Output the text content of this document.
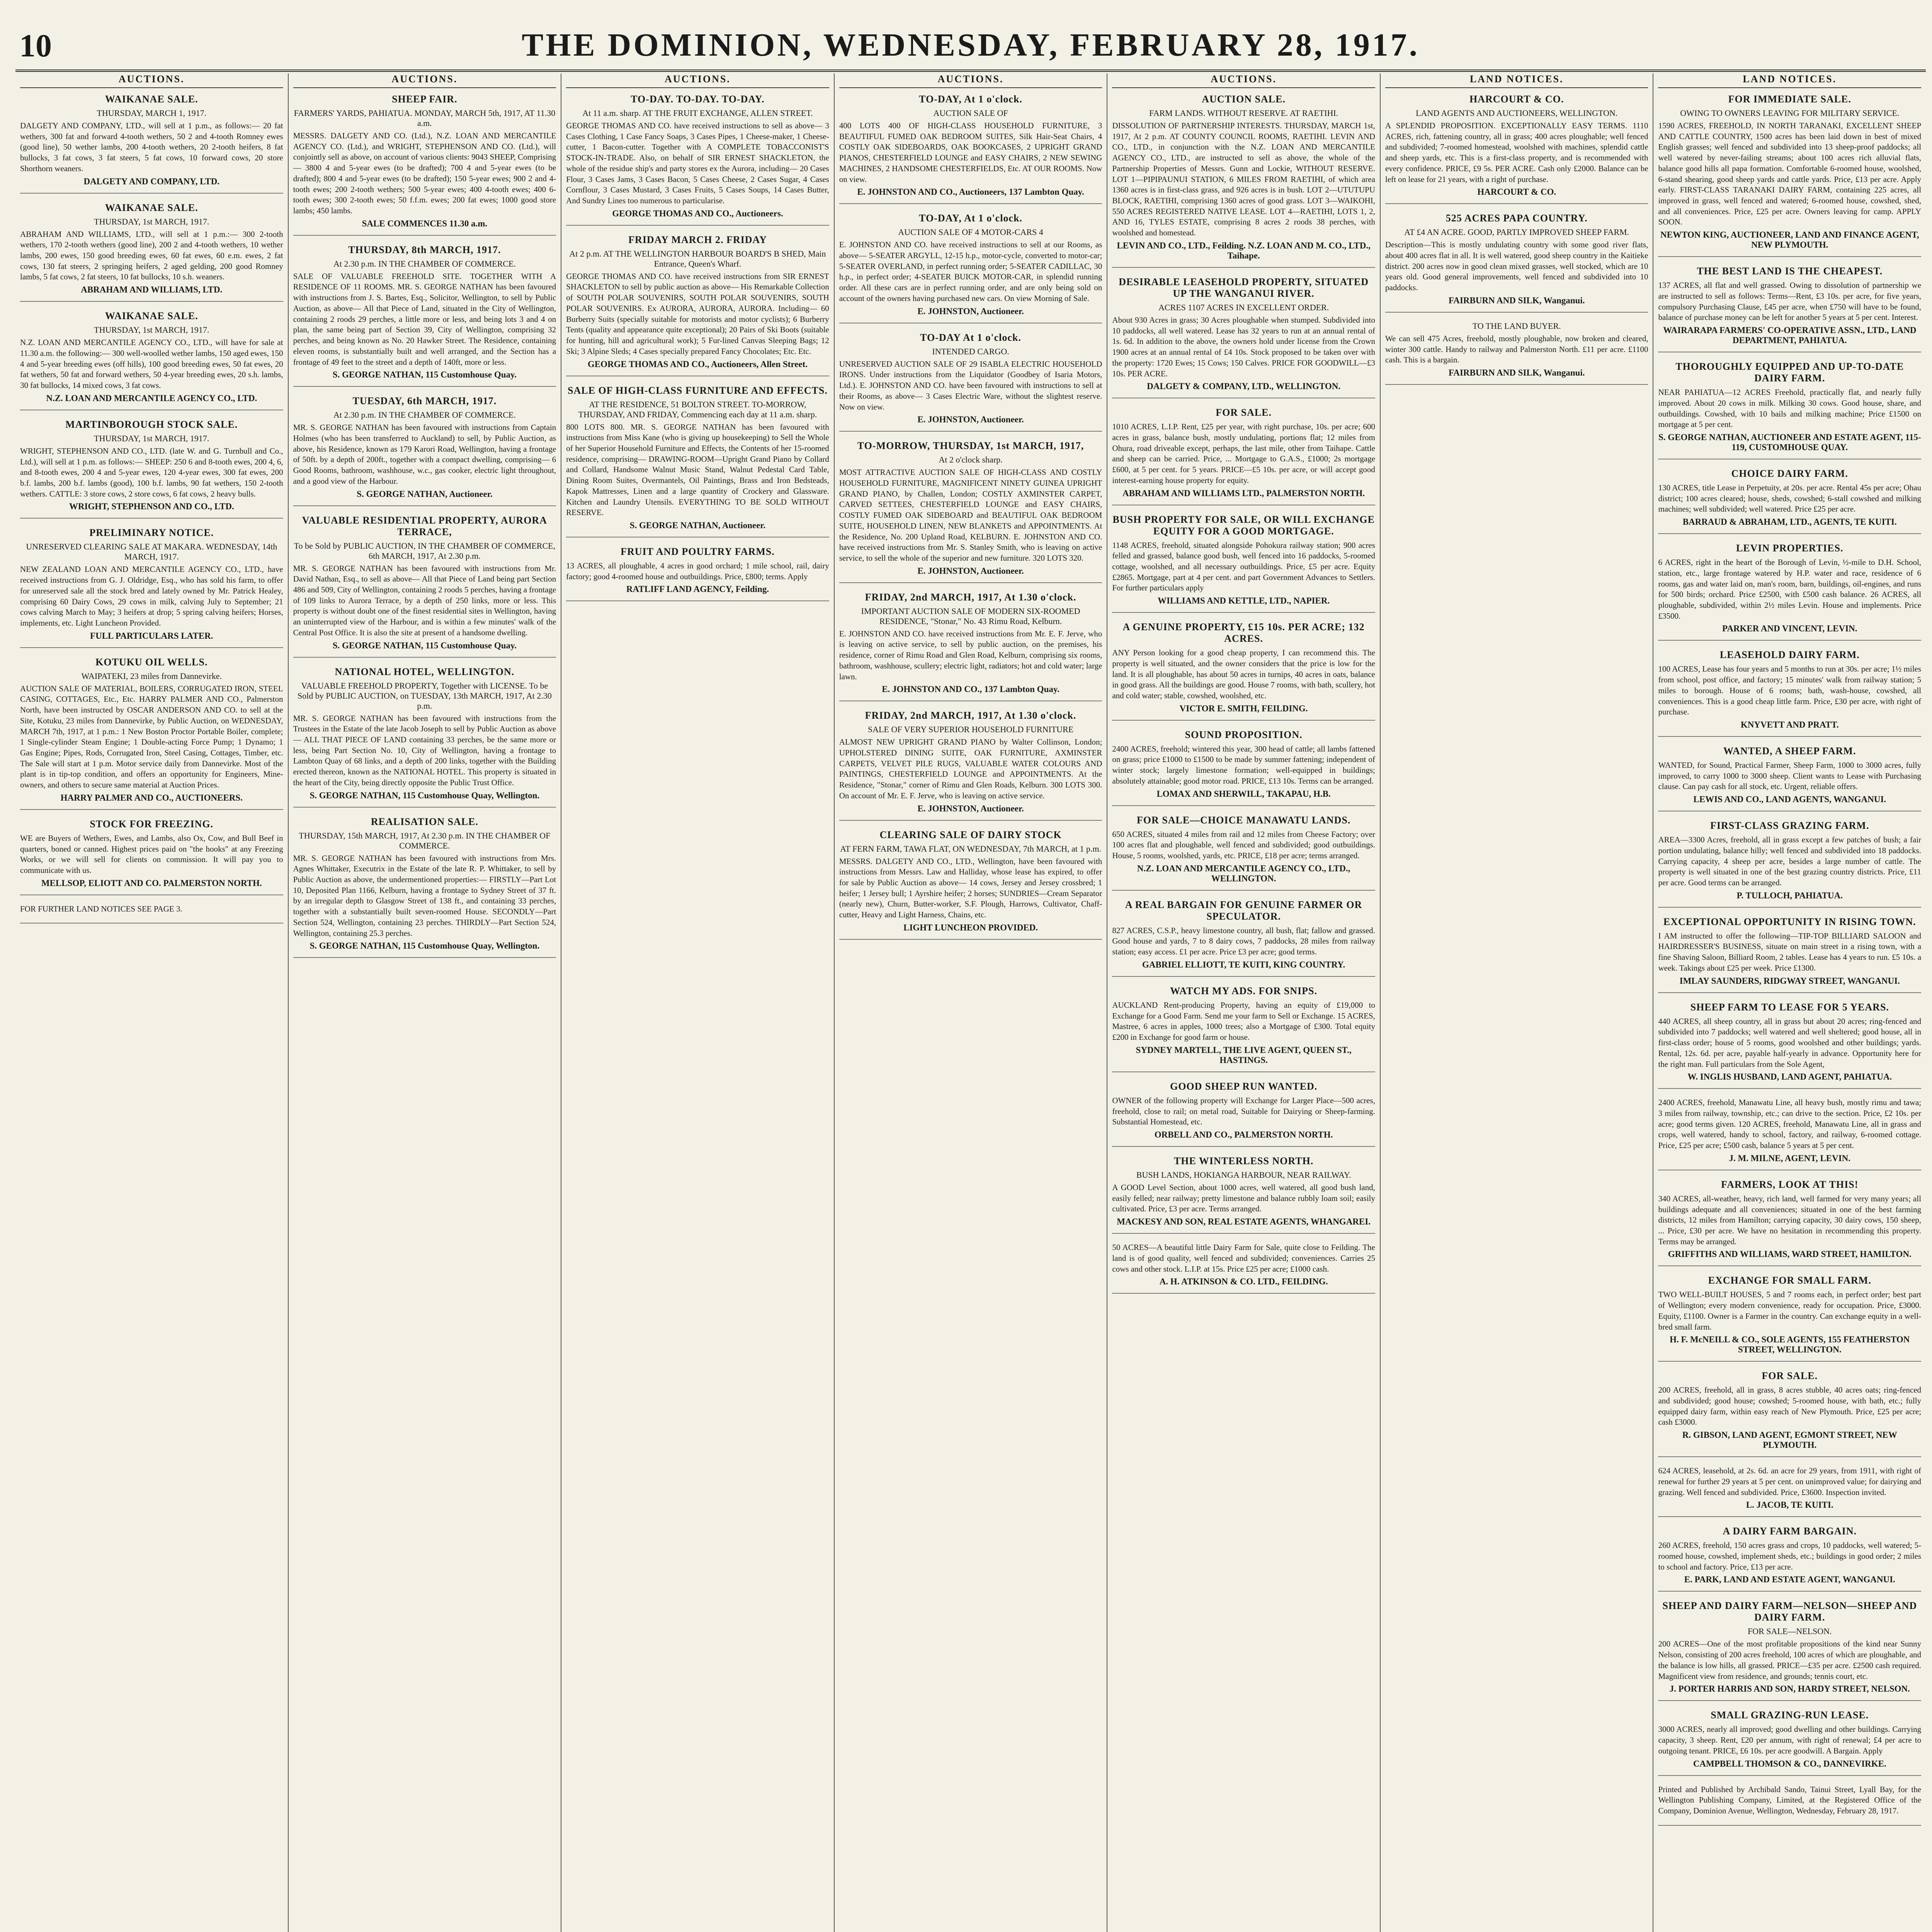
10	THE DOMINION, WEDNESDAY, FEBRUARY 28, 1917.
AUCTIONS.
WAIKANAE SALE.
THURSDAY, MARCH 1, 1917.

DALGETY AND COMPANY, LTD., will sell at 1 p.m., as follows:— 20 fat wethers, 300 fat and forward 4-tooth wethers, 50 2 and 4-tooth Romney ewes (good line), 50 wether lambs, 200 4-tooth wethers, 20 2-tooth heifers, 8 fat bullocks, 3 fat cows, 3 fat steers, 5 fat cows, 10 forward cows, 20 store Shorthorn weaners.

DALGETY AND COMPANY, LTD.
WAIKANAE SALE.
THURSDAY, 1st MARCH, 1917.

ABRAHAM AND WILLIAMS, LTD., will sell at 1 p.m.:— 300 2-tooth wethers, 170 2-tooth wethers (good line), 200 2 and 4-tooth wethers, 10 wether lambs, 200 ewes, 150 good breeding ewes, 60 fat ewes, 60 e.m. ewes, 2 fat cows, 130 fat steers, 2 springing heifers, 2 aged gelding, 200 good Romney lambs, 5 fat cows, 2 fat steers, 10 fat bullocks, 10 s.h. weaners.

ABRAHAM AND WILLIAMS, LTD.
WAIKANAE SALE.
THURSDAY, 1st MARCH, 1917.

N.Z. LOAN AND MERCANTILE AGENCY CO., LTD., will have for sale at 11.30 a.m. the following:— 300 well-woolled wether lambs, 150 aged ewes, 150 4 and 5-year breeding ewes (off hills), 100 good breeding ewes, 50 fat ewes, 20 fat wethers, 50 fat and forward wethers, 50 4-year breeding ewes, 20 s.h. lambs, 30 fat bullocks, 14 mixed cows, 3 fat cows.

N.Z. LOAN AND MERCANTILE AGENCY CO., LTD.
MARTINBOROUGH STOCK SALE.
THURSDAY, 1st MARCH, 1917.

WRIGHT, STEPHENSON AND CO., LTD. (late W. and G. Turnbull and Co., Ltd.), will sell at 1 p.m. as follows:— SHEEP: 250 6 and 8-tooth ewes, 200 4, 6, and 8-tooth ewes, 200 4 and 5-year ewes, 120 4-year ewes, 300 fat ewes, 200 b.f. lambs, 200 b.f. lambs (good), 100 b.f. lambs, 90 fat wethers, 150 2-tooth wethers. CATTLE: 3 store cows, 2 store cows, 6 fat cows, 2 heavy bulls.

WRIGHT, STEPHENSON AND CO., LTD.
PRELIMINARY NOTICE.
UNRESERVED CLEARING SALE AT MAKARA. WEDNESDAY, 14th MARCH, 1917.

NEW ZEALAND LOAN AND MERCANTILE AGENCY CO., LTD., have received instructions from G. J. Oldridge, Esq., who has sold his farm, to offer for unreserved sale all the stock bred and lately owned by Mr. Patrick Healey, comprising 60 Dairy Cows, 29 cows in milk, calving July to September; 21 cows calving March to May; 3 heifers at drop; 5 spring calving heifers; Horses, implements, etc. Light Luncheon Provided.

FULL PARTICULARS LATER.
KOTUKU OIL WELLS.
WAIPATEKI, 23 miles from Dannevirke.

AUCTION SALE OF MATERIAL, BOILERS, CORRUGATED IRON, STEEL CASING, COTTAGES, Etc., Etc. HARRY PALMER AND CO., Palmerston North, have been instructed by OSCAR ANDERSON AND CO. to sell at the Site, Kotuku, 23 miles from Dannevirke, by Public Auction, on WEDNESDAY, MARCH 7th, 1917, at 1 p.m.: 1 New Boston Proctor Portable Boiler, complete; 1 Single-cylinder Steam Engine; 1 Double-acting Force Pump; 1 Dynamo; 1 Gas Engine; Pipes, Rods, Corrugated Iron, Steel Casing, Cottages, Timber, etc. The Sale will start at 1 p.m. Motor service daily from Dannevirke. Most of the plant is in tip-top condition, and offers an opportunity for Engineers, Mine-owners, and others to secure same material at Auction Prices.

HARRY PALMER AND CO., AUCTIONEERS.
STOCK FOR FREEZING.

WE are Buyers of Wethers, Ewes, and Lambs, also Ox, Cow, and Bull Beef in quarters, boned or canned. Highest prices paid on "the hooks" at any Freezing Works, or we will sell for clients on commission. It will pay you to communicate with us.

MELLSOP, ELIOTT AND CO. PALMERSTON NORTH.

FOR FURTHER LAND NOTICES SEE PAGE 3.

AUCTIONS.
SHEEP FAIR.
FARMERS' YARDS, PAHIATUA. MONDAY, MARCH 5th, 1917, AT 11.30 a.m.

MESSRS. DALGETY AND CO. (Ltd.), N.Z. LOAN AND MERCANTILE AGENCY CO. (Ltd.), and WRIGHT, STEPHENSON AND CO. (Ltd.), will conjointly sell as above, on account of various clients: 9043 SHEEP, Comprising— 3800 4 and 5-year ewes (to be drafted); 700 4 and 5-year ewes (to be drafted); 800 4 and 5-year ewes (to be drafted); 150 5-year ewes; 900 2 and 4-tooth ewes; 200 2-tooth wethers; 500 5-year ewes; 400 4-tooth ewes; 400 6-tooth ewes; 300 2-tooth ewes; 50 f.f.m. ewes; 200 fat ewes; 1000 good store lambs; 450 lambs.

SALE COMMENCES 11.30 a.m.
THURSDAY, 8th MARCH, 1917.
At 2.30 p.m. IN THE CHAMBER OF COMMERCE.

SALE OF VALUABLE FREEHOLD SITE. TOGETHER WITH A RESIDENCE OF 11 ROOMS. MR. S. GEORGE NATHAN has been favoured with instructions from J. S. Bartes, Esq., Solicitor, Wellington, to sell by Public Auction, as above— All that Piece of Land, situated in the City of Wellington, containing 2 roods 29 perches, a little more or less, and being lots 3 and 4 on plan, the same being part of Section 39, City of Wellington, comprising 32 perches, and being known as No. 20 Hawker Street. The Residence, containing eleven rooms, is substantially built and well arranged, and the Section has a frontage of 49 feet to the street and a depth of 140ft, more or less.

S. GEORGE NATHAN, 115 Customhouse Quay.
TUESDAY, 6th MARCH, 1917.
At 2.30 p.m. IN THE CHAMBER OF COMMERCE.

MR. S. GEORGE NATHAN has been favoured with instructions from Captain Holmes (who has been transferred to Auckland) to sell, by Public Auction, as above, his Residence, known as 179 Karori Road, Wellington, having a frontage of 50ft. by a depth of 200ft., together with a compact dwelling, comprising— 6 Good Rooms, bathroom, washhouse, w.c., gas cooker, electric light throughout, and a good view of the Harbour.

S. GEORGE NATHAN, Auctioneer.
VALUABLE RESIDENTIAL PROPERTY, AURORA TERRACE,
To be Sold by PUBLIC AUCTION, IN THE CHAMBER OF COMMERCE, 6th MARCH, 1917, At 2.30 p.m.

MR. S. GEORGE NATHAN has been favoured with instructions from Mr. David Nathan, Esq., to sell as above— All that Piece of Land being part Section 486 and 509, City of Wellington, containing 2 roods 5 perches, having a frontage of 109 links to Aurora Terrace, by a depth of 250 links, more or less. This property is without doubt one of the finest residential sites in Wellington, having an uninterrupted view of the Harbour, and is within a few minutes' walk of the Central Post Office. It is also the site at present of a handsome dwelling.

S. GEORGE NATHAN, 115 Customhouse Quay.
NATIONAL HOTEL, WELLINGTON.
VALUABLE FREEHOLD PROPERTY, Together with LICENSE. To be Sold by PUBLIC AUCTION, on TUESDAY, 13th MARCH, 1917, At 2.30 p.m.

MR. S. GEORGE NATHAN has been favoured with instructions from the Trustees in the Estate of the late Jacob Joseph to sell by Public Auction as above— ALL THAT PIECE OF LAND containing 33 perches, be the same more or less, being Part Section No. 10, City of Wellington, having a frontage to Lambton Quay of 68 links, and a depth of 200 links, together with the Building erected thereon, known as the NATIONAL HOTEL. This property is situated in the heart of the City, being directly opposite the Public Trust Office.

S. GEORGE NATHAN, 115 Customhouse Quay, Wellington.
REALISATION SALE.
THURSDAY, 15th MARCH, 1917, At 2.30 p.m. IN THE CHAMBER OF COMMERCE.

MR. S. GEORGE NATHAN has been favoured with instructions from Mrs. Agnes Whittaker, Executrix in the Estate of the late R. P. Whittaker, to sell by Public Auction as above, the undermentioned properties:— FIRSTLY—Part Lot 10, Deposited Plan 1166, Kelburn, having a frontage to Sydney Street of 37 ft. by an irregular depth to Glasgow Street of 138 ft., and containing 33 perches, together with a substantially built seven-roomed House. SECONDLY—Part Section 524, Wellington, containing 23 perches. THIRDLY—Part Section 524, Wellington, containing 25.3 perches.

S. GEORGE NATHAN, 115 Customhouse Quay, Wellington.
AUCTIONS.
TO-DAY. TO-DAY. TO-DAY.
At 11 a.m. sharp. AT THE FRUIT EXCHANGE, ALLEN STREET.

GEORGE THOMAS AND CO. have received instructions to sell as above— 3 Cases Clothing, 1 Case Fancy Soaps, 3 Cases Pipes, 1 Cheese-maker, 1 Cheese-cutter, 1 Bacon-cutter. Together with A COMPLETE TOBACCONIST'S STOCK-IN-TRADE. Also, on behalf of SIR ERNEST SHACKLETON, the whole of the residue ship's and party stores ex the Aurora, including— 20 Cases Flour, 3 Cases Jams, 3 Cases Bacon, 5 Cases Cheese, 2 Cases Sugar, 4 Cases Cornflour, 3 Cases Mustard, 3 Cases Fruits, 5 Cases Soups, 14 Cases Butter, And Sundry Lines too numerous to particularise.

GEORGE THOMAS AND CO., Auctioneers.
FRIDAY MARCH 2. FRIDAY
At 2 p.m. AT THE WELLINGTON HARBOUR BOARD'S B SHED, Main Entrance, Queen's Wharf.

GEORGE THOMAS AND CO. have received instructions from SIR ERNEST SHACKLETON to sell by public auction as above— His Remarkable Collection of SOUTH POLAR SOUVENIRS, SOUTH POLAR SOUVENIRS, SOUTH POLAR SOUVENIRS. Ex AURORA, AURORA, AURORA. Including— 60 Burberry Suits (specially suitable for motorists and motor cyclists); 6 Burberry Tents (quality and appearance quite exceptional); 20 Pairs of Ski Boots (suitable for hunting, hill and agricultural work); 5 Fur-lined Canvas Sleeping Bags; 12 Ski; 3 Alpine Sleds; 4 Cases specially prepared Fancy Chocolates; Etc. Etc.

GEORGE THOMAS AND CO., Auctioneers, Allen Street.
SALE OF HIGH-CLASS FURNITURE AND EFFECTS.
AT THE RESIDENCE, 51 BOLTON STREET. TO-MORROW, THURSDAY, AND FRIDAY, Commencing each day at 11 a.m. sharp.

800 LOTS 800. MR. S. GEORGE NATHAN has been favoured with instructions from Miss Kane (who is giving up housekeeping) to Sell the Whole of her Superior Household Furniture and Effects, the Contents of her 15-roomed residence, comprising— DRAWING-ROOM—Upright Grand Piano by Collard and Collard, Handsome Walnut Music Stand, Walnut Pedestal Card Table, Dining Room Suites, Overmantels, Oil Paintings, Brass and Iron Bedsteads, Kapok Mattresses, Linen and a large quantity of Crockery and Glassware. Kitchen and Laundry Utensils. EVERYTHING TO BE SOLD WITHOUT RESERVE.

S. GEORGE NATHAN, Auctioneer.
FRUIT AND POULTRY FARMS.

13 ACRES, all ploughable, 4 acres in good orchard; 1 mile school, rail, dairy factory; good 4-roomed house and outbuildings. Price, £800; terms. Apply

RATLIFF LAND AGENCY, Feilding.
AUCTIONS.
TO-DAY, At 1 o'clock.
AUCTION SALE OF

400 LOTS 400 OF HIGH-CLASS HOUSEHOLD FURNITURE, 3 BEAUTIFUL FUMED OAK BEDROOM SUITES, Silk Hair-Seat Chairs, 4 COSTLY OAK SIDEBOARDS, OAK BOOKCASES, 2 UPRIGHT GRAND PIANOS, CHESTERFIELD LOUNGE and EASY CHAIRS, 2 NEW SEWING MACHINES, 2 HANDSOME CHESTERFIELDS, Etc. AT OUR ROOMS. Now on view.

E. JOHNSTON AND CO., Auctioneers, 137 Lambton Quay.
TO-DAY, At 1 o'clock.
AUCTION SALE OF 4 MOTOR-CARS 4

E. JOHNSTON AND CO. have received instructions to sell at our Rooms, as above— 5-SEATER ARGYLL, 12-15 h.p., motor-cycle, converted to motor-car; 5-SEATER OVERLAND, in perfect running order; 5-SEATER CADILLAC, 30 h.p., in perfect order; 4-SEATER BUICK MOTOR-CAR, in splendid running order. All these cars are in perfect running order, and are only being sold on account of the owners having purchased new cars. On view Morning of Sale.

E. JOHNSTON, Auctioneer.
TO-DAY At 1 o'clock.
INTENDED CARGO.

UNRESERVED AUCTION SALE OF 29 ISABLA ELECTRIC HOUSEHOLD IRONS. Under instructions from the Liquidator (Goodbey of Isaria Motors, Ltd.). E. JOHNSTON AND CO. have been favoured with instructions to sell at their Rooms, as above— 3 Cases Electric Ware, without the slightest reserve. Now on view.

E. JOHNSTON, Auctioneer.
TO-MORROW, THURSDAY, 1st MARCH, 1917,
At 2 o'clock sharp.

MOST ATTRACTIVE AUCTION SALE OF HIGH-CLASS AND COSTLY HOUSEHOLD FURNITURE, MAGNIFICENT NINETY GUINEA UPRIGHT GRAND PIANO, by Challen, London; COSTLY AXMINSTER CARPET, CARVED SETTEES, CHESTERFIELD LOUNGE and EASY CHAIRS, COSTLY FUMED OAK SIDEBOARD and BEAUTIFUL OAK BEDROOM SUITE, HOUSEHOLD LINEN, NEW BLANKETS and APPOINTMENTS. At the Residence, No. 200 Upland Road, KELBURN. E. JOHNSTON AND CO. have received instructions from Mr. S. Stanley Smith, who is leaving on active service, to sell the whole of the superior and new furniture. 320 LOTS 320.

E. JOHNSTON, Auctioneer.
FRIDAY, 2nd MARCH, 1917, At 1.30 o'clock.
IMPORTANT AUCTION SALE OF MODERN SIX-ROOMED RESIDENCE, "Stonar," No. 43 Rimu Road, Kelburn.

E. JOHNSTON AND CO. have received instructions from Mr. E. F. Jerve, who is leaving on active service, to sell by public auction, on the premises, his residence, corner of Rimu Road and Glen Road, Kelburn, comprising six rooms, bathroom, washhouse, scullery; electric light, radiators; hot and cold water; large lawn.

E. JOHNSTON AND CO., 137 Lambton Quay.
FRIDAY, 2nd MARCH, 1917, At 1.30 o'clock.
SALE OF VERY SUPERIOR HOUSEHOLD FURNITURE

ALMOST NEW UPRIGHT GRAND PIANO by Walter Collinson, London; UPHOLSTERED DINING SUITE, OAK FURNITURE, AXMINSTER CARPETS, VELVET PILE RUGS, VALUABLE WATER COLOURS AND PAINTINGS, CHESTERFIELD LOUNGE and APPOINTMENTS. At the Residence, "Stonar," corner of Rimu and Glen Roads, Kelburn. 300 LOTS 300. On account of Mr. E. F. Jerve, who is leaving on active service.

E. JOHNSTON, Auctioneer.
CLEARING SALE OF DAIRY STOCK
AT FERN FARM, TAWA FLAT, ON WEDNESDAY, 7th MARCH, at 1 p.m.

MESSRS. DALGETY AND CO., LTD., Wellington, have been favoured with instructions from Messrs. Law and Halliday, whose lease has expired, to offer for sale by Public Auction as above— 14 cows, Jersey and Jersey crossbred; 1 heifer; 1 Jersey bull; 1 Ayrshire heifer; 2 horses; SUNDRIES—Cream Separator (nearly new), Churn, Butter-worker, S.F. Plough, Harrows, Cultivator, Chaff-cutter, Heavy and Light Harness, Chains, etc.

LIGHT LUNCHEON PROVIDED.
AUCTIONS.
AUCTION SALE.
FARM LANDS. WITHOUT RESERVE. AT RAETIHI.

DISSOLUTION OF PARTNERSHIP INTERESTS. THURSDAY, MARCH 1st, 1917, At 2 p.m. AT COUNTY COUNCIL ROOMS, RAETIHI. LEVIN AND CO., LTD., in conjunction with the N.Z. LOAN AND MERCANTILE AGENCY CO., LTD., are instructed to sell as above, the whole of the Partnership Properties of Messrs. Gunn and Lockie, WITHOUT RESERVE. LOT 1—PIPIPAUNUI STATION, 6 MILES FROM RAETIHI, of which area 1360 acres is in first-class grass, and 926 acres is in bush. LOT 2—UTUTUPU BLOCK, RAETIHI, comprising 1360 acres of good grass. LOT 3—WAIKOHI, 550 ACRES REGISTERED NATIVE LEASE. LOT 4—RAETIHI, LOTS 1, 2, AND 16, TYLES ESTATE, comprising 8 acres 2 roods 38 perches, with woolshed and homestead.

LEVIN AND CO., LTD., Feilding. N.Z. LOAN AND M. CO., LTD., Taihape.
DESIRABLE LEASEHOLD PROPERTY, SITUATED UP THE WANGANUI RIVER.
ACRES 1107 ACRES IN EXCELLENT ORDER.

About 930 Acres in grass; 30 Acres ploughable when stumped. Subdivided into 10 paddocks, all well watered. Lease has 32 years to run at an annual rental of 1s. 6d. In addition to the above, the owners hold under license from the Crown 1900 acres at an annual rental of £4 10s. Stock proposed to be taken over with the property: 1720 Ewes; 15 Cows; 150 Calves. PRICE FOR GOODWILL—£3 10s. PER ACRE.

DALGETY & COMPANY, LTD., WELLINGTON.
FOR SALE.

1010 ACRES, L.I.P. Rent, £25 per year, with right purchase, 10s. per acre; 600 acres in grass, balance bush, mostly undulating, portions flat; 12 miles from Ohura, road driveable except, perhaps, the last mile, other from Taihape. Cattle and sheep can be carried. Price, ... Mortgage to G.A.S., £1000; 2s mortgage £600, at 5 per cent. for 5 years. PRICE—£5 10s. per acre, or will accept good interest-earning house property for equity.

ABRAHAM AND WILLIAMS LTD., PALMERSTON NORTH.
BUSH PROPERTY FOR SALE, OR WILL EXCHANGE EQUITY FOR A GOOD MORTGAGE.

1148 ACRES, freehold, situated alongside Pohokura railway station; 900 acres felled and grassed, balance good bush, well fenced into 16 paddocks, 5-roomed cottage, woolshed, and all necessary outbuildings. Price, £5 per acre. Equity £2865. Mortgage, part at 4 per cent. and part Government Advances to Settlers. For further particulars apply

WILLIAMS AND KETTLE, LTD., NAPIER.
A GENUINE PROPERTY, £15 10s. PER ACRE; 132 ACRES.

ANY Person looking for a good cheap property, I can recommend this. The property is well situated, and the owner considers that the price is low for the land. It is all ploughable, has about 50 acres in turnips, 40 acres in oats, balance in good grass. All the buildings are good. House 7 rooms, with bath, scullery, hot and cold water; stable, cowshed, woolshed, etc.

VICTOR E. SMITH, FEILDING.
SOUND PROPOSITION.

2400 ACRES, freehold; wintered this year, 300 head of cattle; all lambs fattened on grass; price £1000 to £1500 to be made by summer fattening; independent of winter stock; largely limestone formation; well-equipped in buildings; absolutely attainable; good motor road. PRICE, £13 10s. Terms can be arranged.

LOMAX AND SHERWILL, TAKAPAU, H.B.
FOR SALE—CHOICE MANAWATU LANDS.

650 ACRES, situated 4 miles from rail and 12 miles from Cheese Factory; over 100 acres flat and ploughable, well fenced and subdivided; good outbuildings. House, 5 rooms, woolshed, yards, etc. PRICE, £18 per acre; terms arranged.

N.Z. LOAN AND MERCANTILE AGENCY CO., LTD., WELLINGTON.
A REAL BARGAIN FOR GENUINE FARMER OR SPECULATOR.

827 ACRES, C.S.P., heavy limestone country, all bush, flat; fallow and grassed. Good house and yards, 7 to 8 dairy cows, 7 paddocks, 28 miles from railway station; easy access. £1 per acre. Price £3 per acre; good terms.

GABRIEL ELLIOTT, TE KUITI, KING COUNTRY.
WATCH MY ADS. FOR SNIPS.

AUCKLAND Rent-producing Property, having an equity of £19,000 to Exchange for a Good Farm. Send me your farm to Sell or Exchange. 15 ACRES, Mastree, 6 acres in apples, 1000 trees; also a Mortgage of £300. Total equity £200 in Exchange for good farm or house.

SYDNEY MARTELL, THE LIVE AGENT, QUEEN ST., HASTINGS.
GOOD SHEEP RUN WANTED.

OWNER of the following property will Exchange for Larger Place—500 acres, freehold, close to rail; on metal road, Suitable for Dairying or Sheep-farming. Substantial Homestead, etc.

ORBELL AND CO., PALMERSTON NORTH.
THE WINTERLESS NORTH.
BUSH LANDS, HOKIANGA HARBOUR, NEAR RAILWAY.

A GOOD Level Section, about 1000 acres, well watered, all good bush land, easily felled; near railway; pretty limestone and balance rubbly loam soil; easily cultivated. Price, £3 per acre. Terms arranged.

MACKESY AND SON, REAL ESTATE AGENTS, WHANGAREI.

50 ACRES—A beautiful little Dairy Farm for Sale, quite close to Feilding. The land is of good quality, well fenced and subdivided; conveniences. Carries 25 cows and other stock. L.I.P. at 15s. Price £25 per acre; £1000 cash.

A. H. ATKINSON & CO. LTD., FEILDING.
LAND NOTICES.
HARCOURT & CO.
LAND AGENTS AND AUCTIONEERS, WELLINGTON.

A SPLENDID PROPOSITION. EXCEPTIONALLY EASY TERMS. 1110 ACRES, rich, fattening country, all in grass; 400 acres ploughable; well fenced and subdivided; 7-roomed homestead, woolshed with machines, splendid cattle and sheep yards, etc. This is a first-class property, and is recommended with every confidence. PRICE, £9 5s. PER ACRE. Cash only £2000. Balance can be left on lease for 21 years, with a right of purchase.

HARCOURT & CO.
525 ACRES PAPA COUNTRY.
AT £4 AN ACRE. GOOD, PARTLY IMPROVED SHEEP FARM.

Description—This is mostly undulating country with some good river flats, about 400 acres flat in all. It is well watered, good sheep country in the Kaitieke district. 200 acres now in good clean mixed grasses, well stocked, which are 10 years old. Good general improvements, well fenced and subdivided into 10 paddocks.

FAIRBURN AND SILK, Wanganui.
TO THE LAND BUYER.

We can sell 475 Acres, freehold, mostly ploughable, now broken and cleared, winter 300 cattle. Handy to railway and Palmerston North. £11 per acre. £1100 cash. This is a bargain.

FAIRBURN AND SILK, Wanganui.
LAND NOTICES.
FOR IMMEDIATE SALE.
OWING TO OWNERS LEAVING FOR MILITARY SERVICE.

1590 ACRES, FREEHOLD, IN NORTH TARANAKI, EXCELLENT SHEEP AND CATTLE COUNTRY, 1500 acres has been laid down in best of mixed English grasses; well fenced and subdivided into 13 sheep-proof paddocks; all well watered by never-failing streams; about 100 acres rich alluvial flats, balance good hills all papa formation. Comfortable 6-roomed house, woolshed, 6-stand shearing, good sheep yards and cattle yards. Price, £13 per acre. Apply early. FIRST-CLASS TARANAKI DAIRY FARM, containing 225 acres, all improved in grass, well fenced and watered; 6-roomed house, cowshed, shed, and all conveniences. Price, £25 per acre. Owners leaving for camp. APPLY SOON.

NEWTON KING, AUCTIONEER, LAND AND FINANCE AGENT, NEW PLYMOUTH.
THE BEST LAND IS THE CHEAPEST.

137 ACRES, all flat and well grassed. Owing to dissolution of partnership we are instructed to sell as follows: Terms—Rent, £3 10s. per acre, for five years, compulsory Purchasing Clause, £45 per acre, when £750 will have to be found, balance of purchase money can be left for another 5 years at 5 per cent. Interest.

WAIRARAPA FARMERS' CO-OPERATIVE ASSN., LTD., LAND DEPARTMENT, PAHIATUA.
THOROUGHLY EQUIPPED AND UP-TO-DATE DAIRY FARM.

NEAR PAHIATUA—12 ACRES Freehold, practically flat, and nearly fully improved. About 20 cows in milk. Milking 30 cows. Good house, share, and outbuildings. Cowshed, with 10 bails and milking machine; Price £1500 on mortgage at 5 per cent.

S. GEORGE NATHAN, AUCTIONEER AND ESTATE AGENT, 115-119, CUSTOMHOUSE QUAY.
CHOICE DAIRY FARM.

130 ACRES, title Lease in Perpetuity, at 20s. per acre. Rental 45s per acre; Ohau district; 100 acres cleared; house, sheds, cowshed; 6-stall cowshed and milking machines; well subdivided; well watered. Price £25 per acre.

BARRAUD & ABRAHAM, LTD., AGENTS, TE KUITI.
LEVIN PROPERTIES.

6 ACRES, right in the heart of the Borough of Levin, ½-mile to D.H. School, station, etc., large frontage watered by H.P. water and race, residence of 6 rooms, gas and water laid on, man's room, barn, buildings, oil-engines, and runs for 500 birds; orchard. Price £2500, with £500 cash balance. 26 ACRES, all ploughable, subdivided, within 2½ miles Levin. House and implements. Price £3500.

PARKER AND VINCENT, LEVIN.
LEASEHOLD DAIRY FARM.

100 ACRES, Lease has four years and 5 months to run at 30s. per acre; 1½ miles from school, post office, and factory; 15 minutes' walk from railway station; 5 miles to borough. House of 6 rooms; bath, wash-house, cowshed, all conveniences. This is a good cheap little farm. Price, £30 per acre, with right of purchase.

KNYVETT AND PRATT.
WANTED, A SHEEP FARM.

WANTED, for Sound, Practical Farmer, Sheep Farm, 1000 to 3000 acres, fully improved, to carry 1000 to 3000 sheep. Client wants to Lease with Purchasing clause. Can pay cash for all stock, etc. Urgent, reliable offers.

LEWIS AND CO., LAND AGENTS, WANGANUI.
FIRST-CLASS GRAZING FARM.

AREA—3300 Acres, freehold, all in grass except a few patches of bush; a fair portion undulating, balance hilly; well fenced and subdivided into 18 paddocks. Carrying capacity, 4 sheep per acre, besides a large number of cattle. The property is well situated in one of the best grazing country districts. Price, £11 per acre. Good terms can be arranged.

P. TULLOCH, PAHIATUA.
EXCEPTIONAL OPPORTUNITY IN RISING TOWN.

I AM instructed to offer the following—TIP-TOP BILLIARD SALOON and HAIRDRESSER'S BUSINESS, situate on main street in a rising town, with a fine Shaving Saloon, Billiard Room, 2 tables. Lease has 4 years to run. £5 10s. a week. Takings about £25 per week. Price £1300.

IMLAY SAUNDERS, RIDGWAY STREET, WANGANUI.
SHEEP FARM TO LEASE FOR 5 YEARS.

440 ACRES, all sheep country, all in grass but about 20 acres; ring-fenced and subdivided into 7 paddocks; well watered and well sheltered; good house, all in first-class order; house of 5 rooms, good woolshed and other buildings; yards. Rental, 12s. 6d. per acre, payable half-yearly in advance. Opportunity here for the right man. Full particulars from the Sole Agent,

W. INGLIS HUSBAND, LAND AGENT, PAHIATUA.

2400 ACRES, freehold, Manawatu Line, all heavy bush, mostly rimu and tawa; 3 miles from railway, township, etc.; can drive to the section. Price, £2 10s. per acre; good terms given. 120 ACRES, freehold, Manawatu Line, all in grass and crops, well watered, handy to school, factory, and railway, 6-roomed cottage. Price, £25 per acre; £500 cash, balance 5 years at 5 per cent.

J. M. MILNE, AGENT, LEVIN.
FARMERS, LOOK AT THIS!

340 ACRES, all-weather, heavy, rich land, well farmed for very many years; all buildings adequate and all conveniences; situated in one of the best farming districts, 12 miles from Hamilton; carrying capacity, 30 dairy cows, 150 sheep, ... Price, £30 per acre. We have no hesitation in recommending this property. Terms may be arranged.

GRIFFITHS AND WILLIAMS, WARD STREET, HAMILTON.
EXCHANGE FOR SMALL FARM.

TWO WELL-BUILT HOUSES, 5 and 7 rooms each, in perfect order; best part of Wellington; every modern convenience, ready for occupation. Price, £3000. Equity, £1100. Owner is a Farmer in the country. Can exchange equity in a well-bred small farm.

H. F. McNEILL & CO., SOLE AGENTS, 155 FEATHERSTON STREET, WELLINGTON.
FOR SALE.

200 ACRES, freehold, all in grass, 8 acres stubble, 40 acres oats; ring-fenced and subdivided; good house; cowshed; 5-roomed house, with bath, etc.; fully equipped dairy farm, within easy reach of New Plymouth. Price, £25 per acre; cash £3000.

R. GIBSON, LAND AGENT, EGMONT STREET, NEW PLYMOUTH.

624 ACRES, leasehold, at 2s. 6d. an acre for 29 years, from 1911, with right of renewal for further 29 years at 5 per cent. on unimproved value; for dairying and grazing. Well fenced and subdivided. Price, £3600. Inspection invited.

L. JACOB, TE KUITI.
A DAIRY FARM BARGAIN.

260 ACRES, freehold, 150 acres grass and crops, 10 paddocks, well watered; 5-roomed house, cowshed, implement sheds, etc.; buildings in good order; 2 miles to school and factory. Price, £13 per acre.

E. PARK, LAND AND ESTATE AGENT, WANGANUI.
SHEEP AND DAIRY FARM—NELSON—SHEEP AND DAIRY FARM.
FOR SALE—NELSON.

200 ACRES—One of the most profitable propositions of the kind near Sunny Nelson, consisting of 200 acres freehold, 100 acres of which are ploughable, and the balance is low hills, all grassed. PRICE—£35 per acre. £2500 cash required. Magnificent view from residence, and grounds; tennis court, etc.

J. PORTER HARRIS AND SON, HARDY STREET, NELSON.
SMALL GRAZING-RUN LEASE.

3000 ACRES, nearly all improved; good dwelling and other buildings. Carrying capacity, 3 sheep. Rent, £20 per annum, with right of renewal; £4 per acre to outgoing tenant. PRICE, £6 10s. per acre goodwill. A Bargain. Apply

CAMPBELL THOMSON & CO., DANNEVIRKE.

Printed and Published by Archibald Sando, Tainui Street, Lyall Bay, for the Wellington Publishing Company, Limited, at the Registered Office of the Company, Dominion Avenue, Wellington, Wednesday, February 28, 1917.
